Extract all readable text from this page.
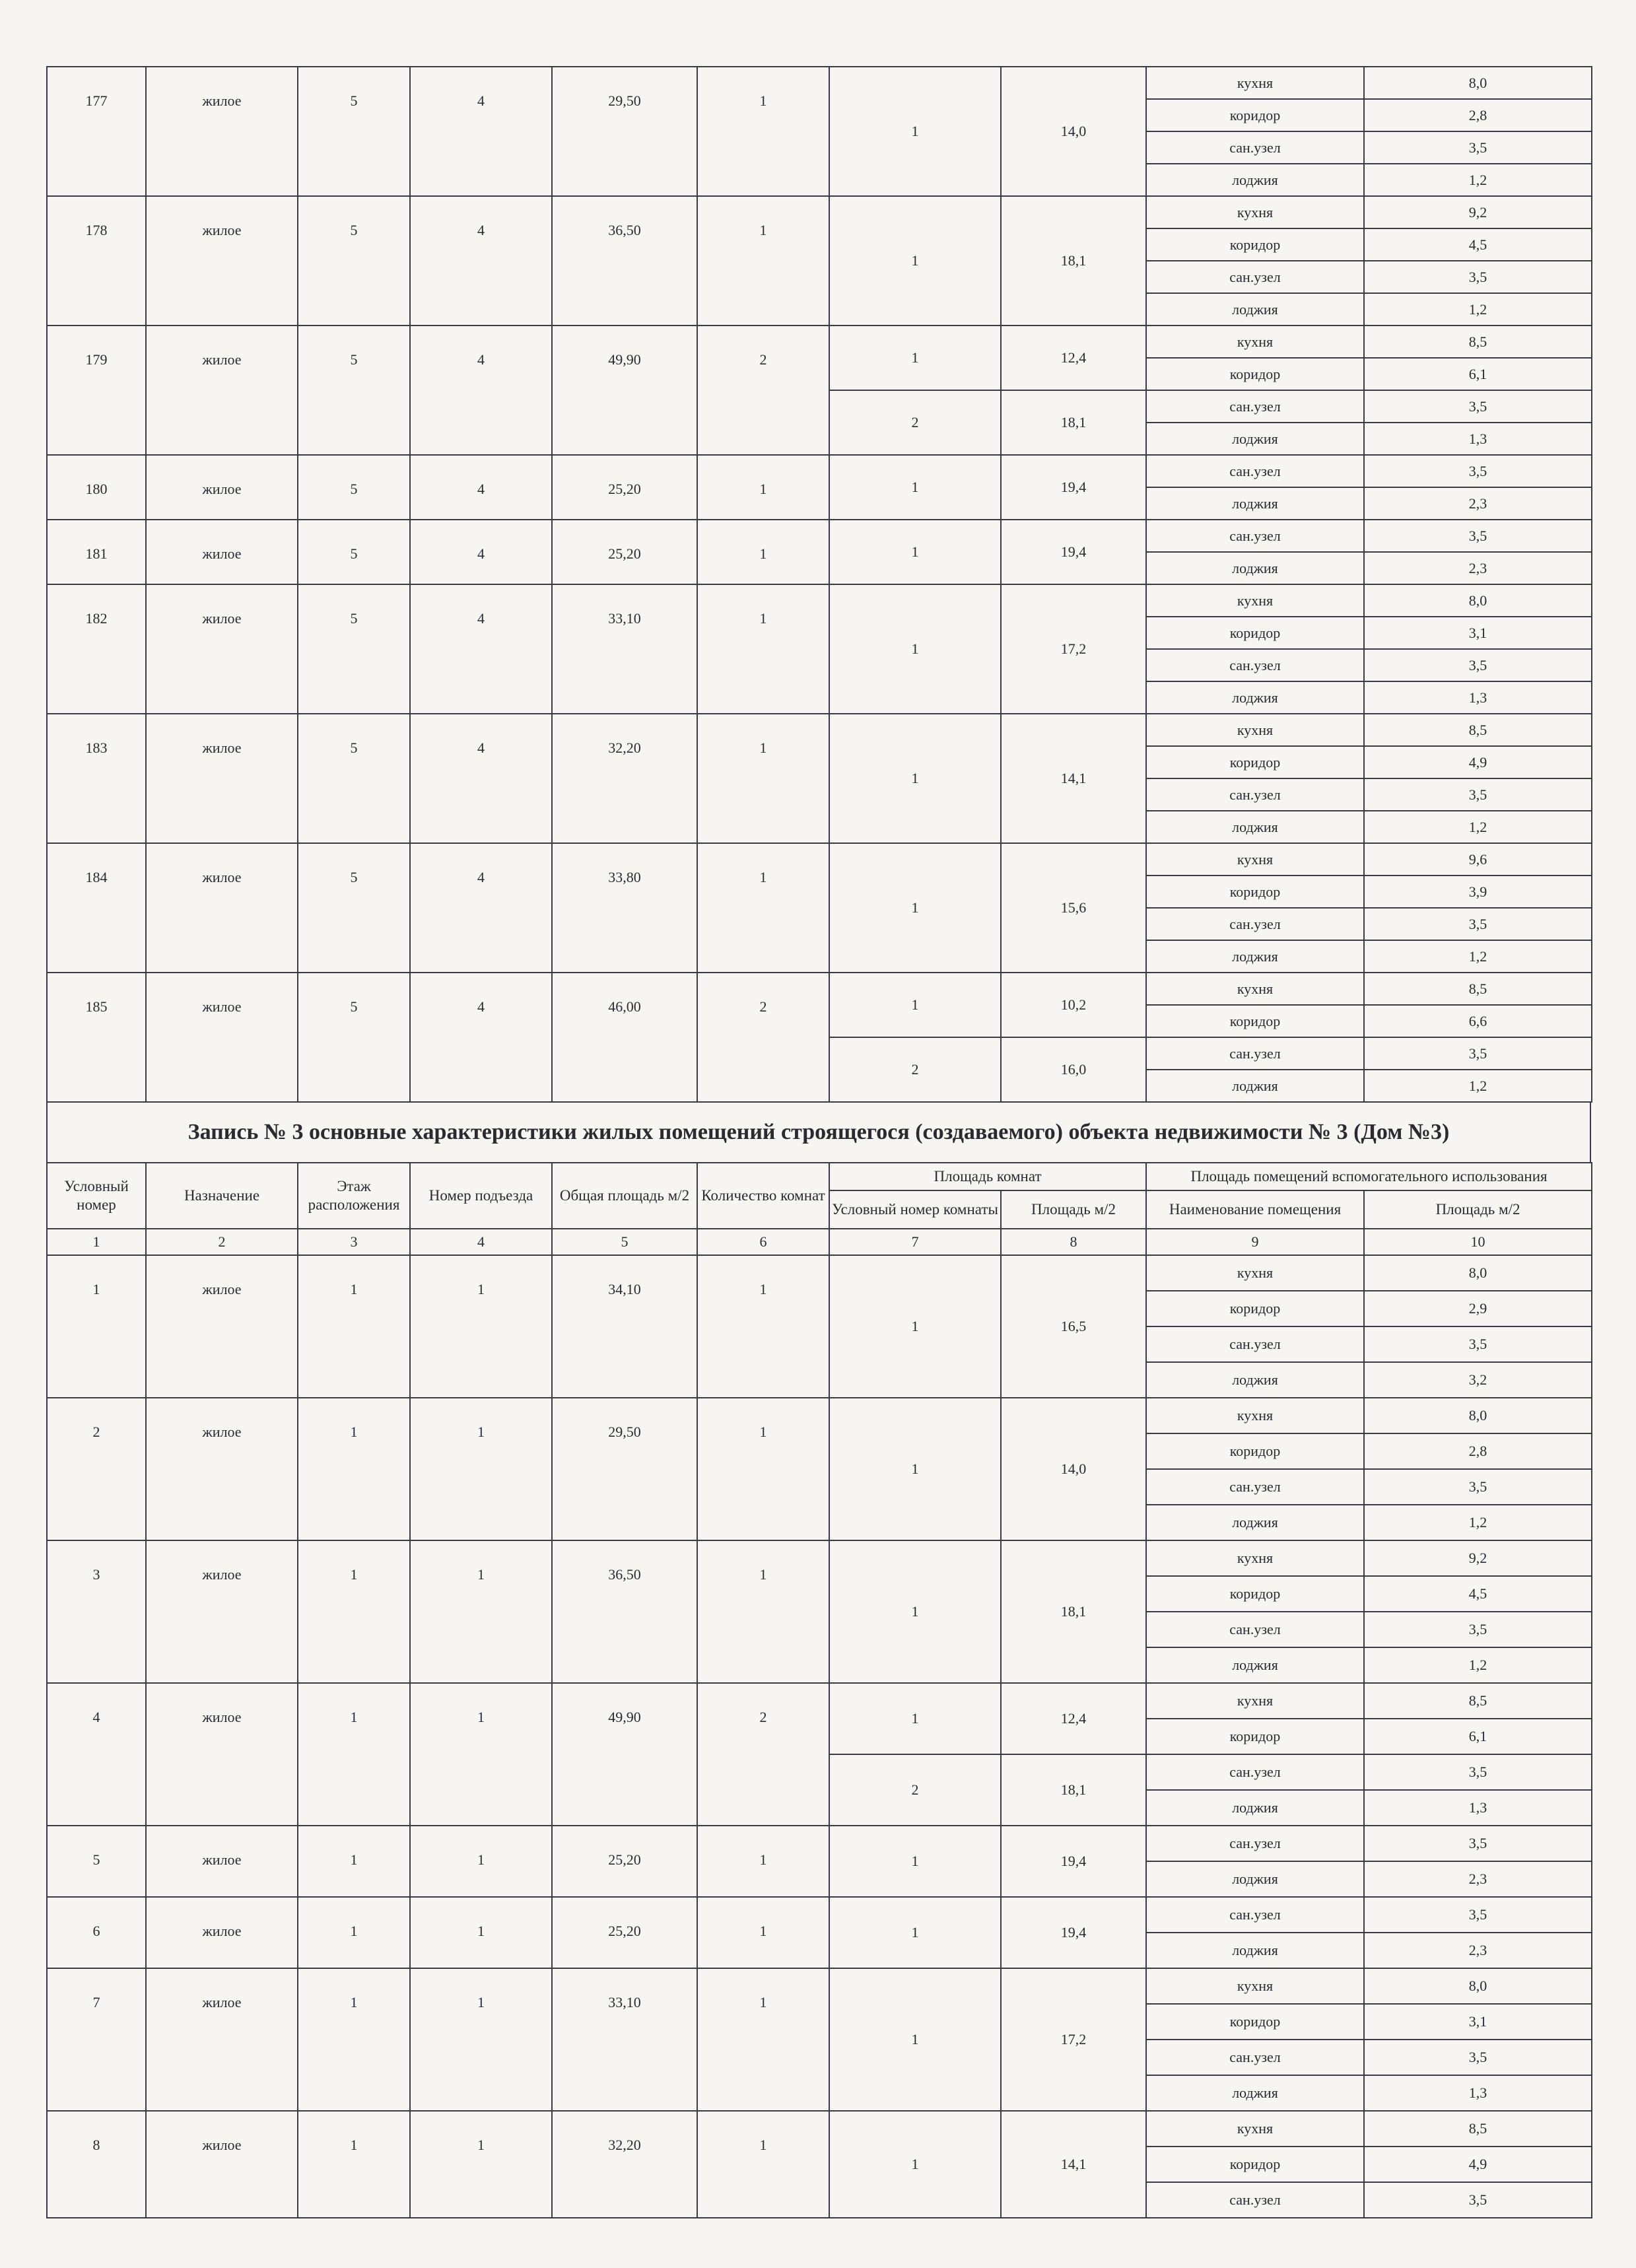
177	жилое	5	4	29,50	1	1	14,0	кухня	8,0
								коридор	2,8
								сан.узел	3,5
								лоджия	1,2
178	жилое	5	4	36,50	1	1	18,1	кухня	9,2
								коридор	4,5
								сан.узел	3,5
								лоджия	1,2
179	жилое	5	4	49,90	2	1	12,4	кухня	8,5
								коридор	6,1
						2	18,1	сан.узел	3,5
								лоджия	1,3
180	жилое	5	4	25,20	1	1	19,4	сан.узел	3,5
								лоджия	2,3
181	жилое	5	4	25,20	1	1	19,4	сан.узел	3,5
								лоджия	2,3
182	жилое	5	4	33,10	1	1	17,2	кухня	8,0
								коридор	3,1
								сан.узел	3,5
								лоджия	1,3
183	жилое	5	4	32,20	1	1	14,1	кухня	8,5
								коридор	4,9
								сан.узел	3,5
								лоджия	1,2
184	жилое	5	4	33,80	1	1	15,6	кухня	9,6
								коридор	3,9
								сан.узел	3,5
								лоджия	1,2
185	жилое	5	4	46,00	2	1	10,2	кухня	8,5
								коридор	6,6
						2	16,0	сан.узел	3,5
								лоджия	1,2
Запись № 3 основные характеристики жилых помещений строящегося (создаваемого) объекта недвижимости № 3 (Дом №3)
Условный номер	Назначение	Этаж расположения	Номер подъезда	Общая площадь м/2	Количество комнат	Площадь комнат		Площадь помещений вспомогательного использования	
						Условный номер комнаты	Площадь м/2	Наименование помещения	Площадь м/2
1	2	3	4	5	6	7	8	9	10
1	жилое	1	1	34,10	1	1	16,5	кухня	8,0
								коридор	2,9
								сан.узел	3,5
								лоджия	3,2
2	жилое	1	1	29,50	1	1	14,0	кухня	8,0
								коридор	2,8
								сан.узел	3,5
								лоджия	1,2
3	жилое	1	1	36,50	1	1	18,1	кухня	9,2
								коридор	4,5
								сан.узел	3,5
								лоджия	1,2
4	жилое	1	1	49,90	2	1	12,4	кухня	8,5
								коридор	6,1
						2	18,1	сан.узел	3,5
								лоджия	1,3
5	жилое	1	1	25,20	1	1	19,4	сан.узел	3,5
								лоджия	2,3
6	жилое	1	1	25,20	1	1	19,4	сан.узел	3,5
								лоджия	2,3
7	жилое	1	1	33,10	1	1	17,2	кухня	8,0
								коридор	3,1
								сан.узел	3,5
								лоджия	1,3
8	жилое	1	1	32,20	1	1	14,1	кухня	8,5
								коридор	4,9
								сан.узел	3,5
